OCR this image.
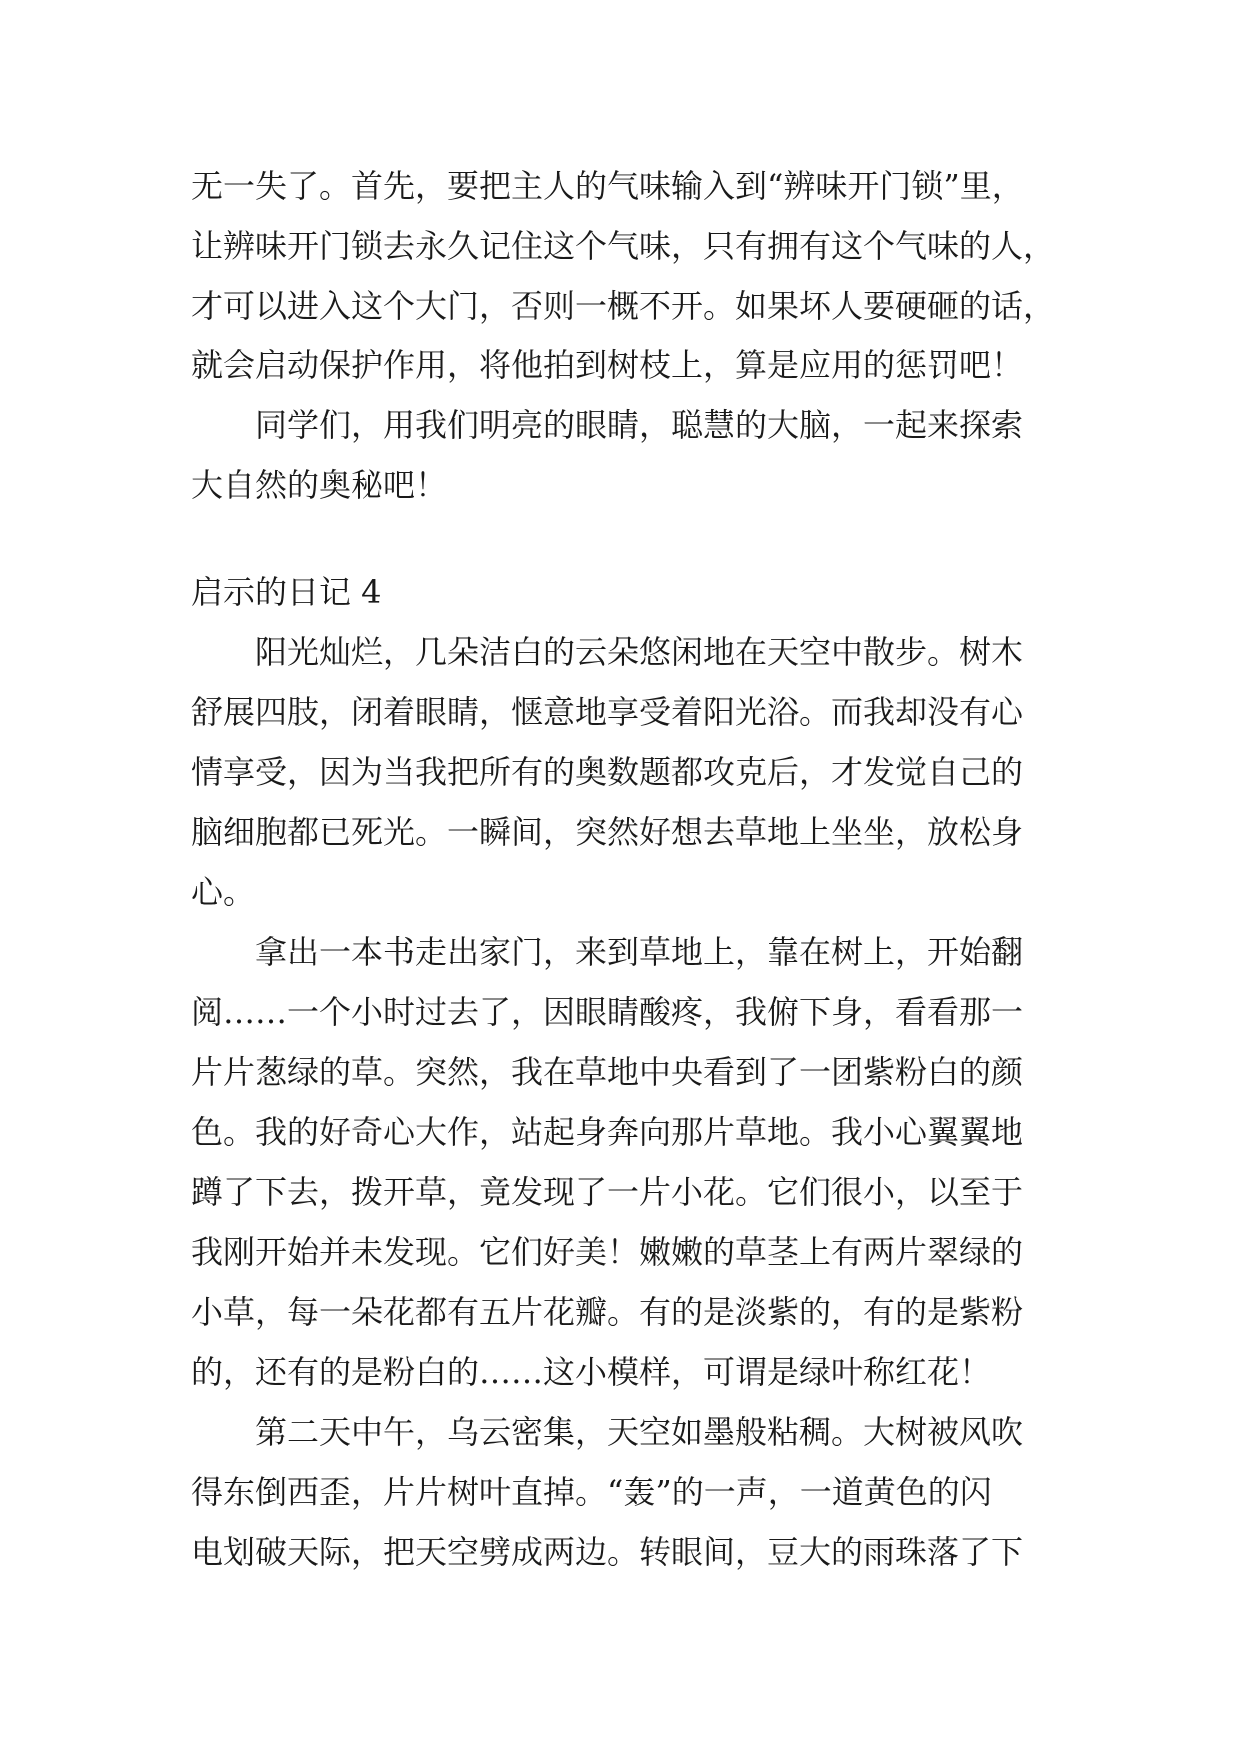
无一失了。首先，要把主人的气味输入到“辨味开门锁”里，
让辨味开门锁去永久记住这个气味，只有拥有这个气味的人，
才可以进入这个大门，否则一概不开。如果坏人要硬砸的话，
就会启动保护作用，将他拍到树枝上，算是应用的惩罚吧！
　　同学们，用我们明亮的眼睛，聪慧的大脑，一起来探索
大自然的奥秘吧！
启示的日记 4
　　阳光灿烂，几朵洁白的云朵悠闲地在天空中散步。树木
舒展四肢，闭着眼睛，惬意地享受着阳光浴。而我却没有心
情享受，因为当我把所有的奥数题都攻克后，才发觉自己的
脑细胞都已死光。一瞬间，突然好想去草地上坐坐，放松身
心。
　　拿出一本书走出家门，来到草地上，靠在树上，开始翻
阅……一个小时过去了，因眼睛酸疼，我俯下身，看看那一
片片葱绿的草。突然，我在草地中央看到了一团紫粉白的颜
色。我的好奇心大作，站起身奔向那片草地。我小心翼翼地
蹲了下去，拨开草，竟发现了一片小花。它们很小，以至于
我刚开始并未发现。它们好美！嫩嫩的草茎上有两片翠绿的
小草，每一朵花都有五片花瓣。有的是淡紫的，有的是紫粉
的，还有的是粉白的……这小模样，可谓是绿叶称红花！
　　第二天中午，乌云密集，天空如墨般粘稠。大树被风吹
得东倒西歪，片片树叶直掉。“轰”的一声，一道黄色的闪
电划破天际，把天空劈成两边。转眼间，豆大的雨珠落了下
